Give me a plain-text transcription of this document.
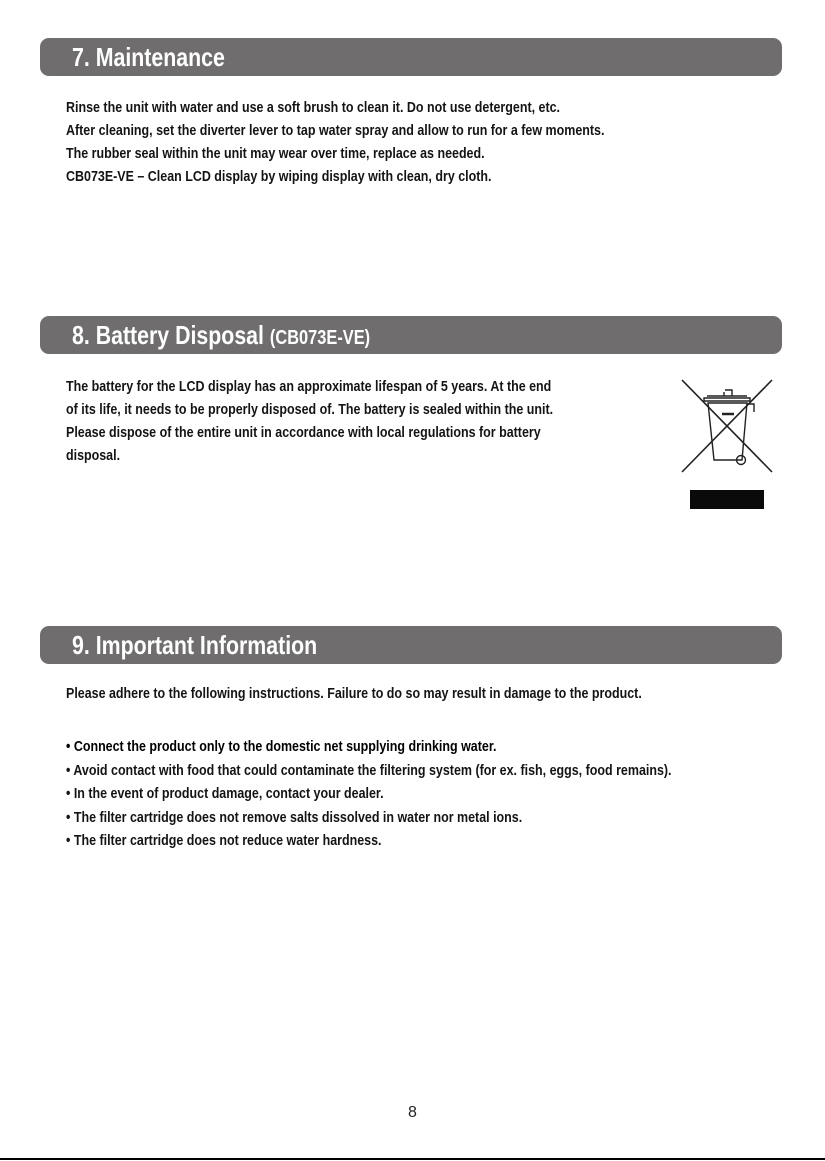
7. Maintenance
Rinse the unit with water and use a soft brush to clean it. Do not use detergent, etc.
After cleaning, set the diverter lever to tap water spray and allow to run for a few moments.
The rubber seal within the unit may wear over time, replace as needed.
CB073E-VE – Clean LCD display by wiping display with clean, dry cloth.
8. Battery Disposal (CB073E-VE)
The battery for the LCD display has an approximate lifespan of 5 years. At the end
of its life, it needs to be properly disposed of. The battery is sealed within the unit.
Please dispose of the entire unit in accordance with local regulations for battery
disposal.
9. Important Information
Please adhere to the following instructions. Failure to do so may result in damage to the product.
• Connect the product only to the domestic net supplying drinking water.
• Avoid contact with food that could contaminate the filtering system (for ex. fish, eggs, food remains).
• In the event of product damage, contact your dealer.
• The filter cartridge does not remove salts dissolved in water nor metal ions.
• The filter cartridge does not reduce water hardness.
8
